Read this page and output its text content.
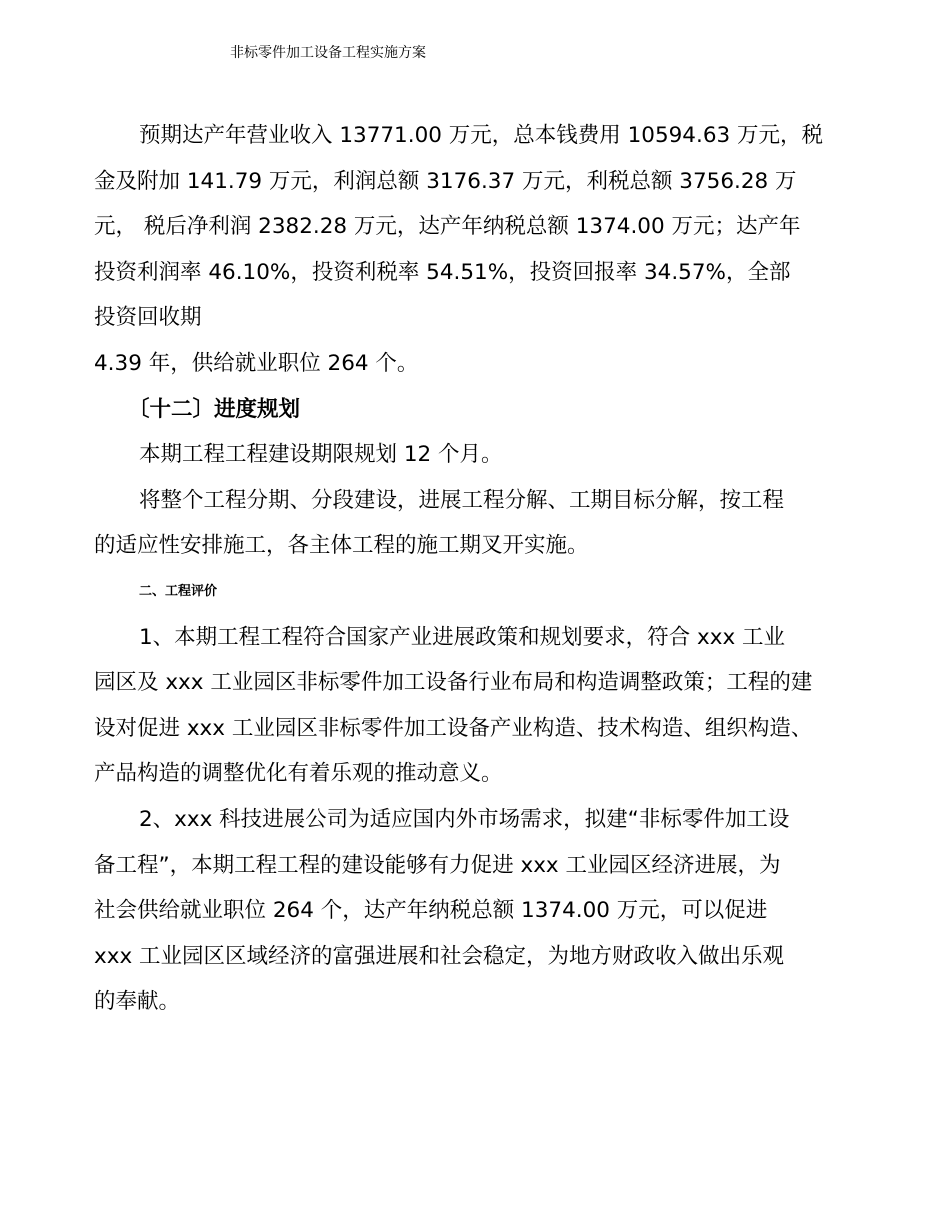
非标零件加工设备工程实施方案
预期达产年营业收入 13771.00 万元，总本钱费用 10594.63 万元，税
金及附加 141.79 万元，利润总额 3176.37 万元，利税总额 3756.28 万
元， 税后净利润 2382.28 万元，达产年纳税总额 1374.00 万元；达产年
投资利润率 46.10%，投资利税率 54.51%，投资回报率 34.57%，全部
投资回收期
4.39 年，供给就业职位 264 个。
〔十二〕进度规划
本期工程工程建设期限规划 12 个月。
将整个工程分期、分段建设，进展工程分解、工期目标分解，按工程
的适应性安排施工，各主体工程的施工期叉开实施。
二、工程评价
1、本期工程工程符合国家产业进展政策和规划要求，符合 xxx 工业
园区及 xxx 工业园区非标零件加工设备行业布局和构造调整政策；工程的建
设对促进 xxx 工业园区非标零件加工设备产业构造、技术构造、组织构造、
产品构造的调整优化有着乐观的推动意义。
2、xxx 科技进展公司为适应国内外市场需求，拟建“非标零件加工设
备工程”，本期工程工程的建设能够有力促进 xxx 工业园区经济进展，为
社会供给就业职位 264 个，达产年纳税总额 1374.00 万元，可以促进
xxx 工业园区区域经济的富强进展和社会稳定，为地方财政收入做出乐观
的奉献。
